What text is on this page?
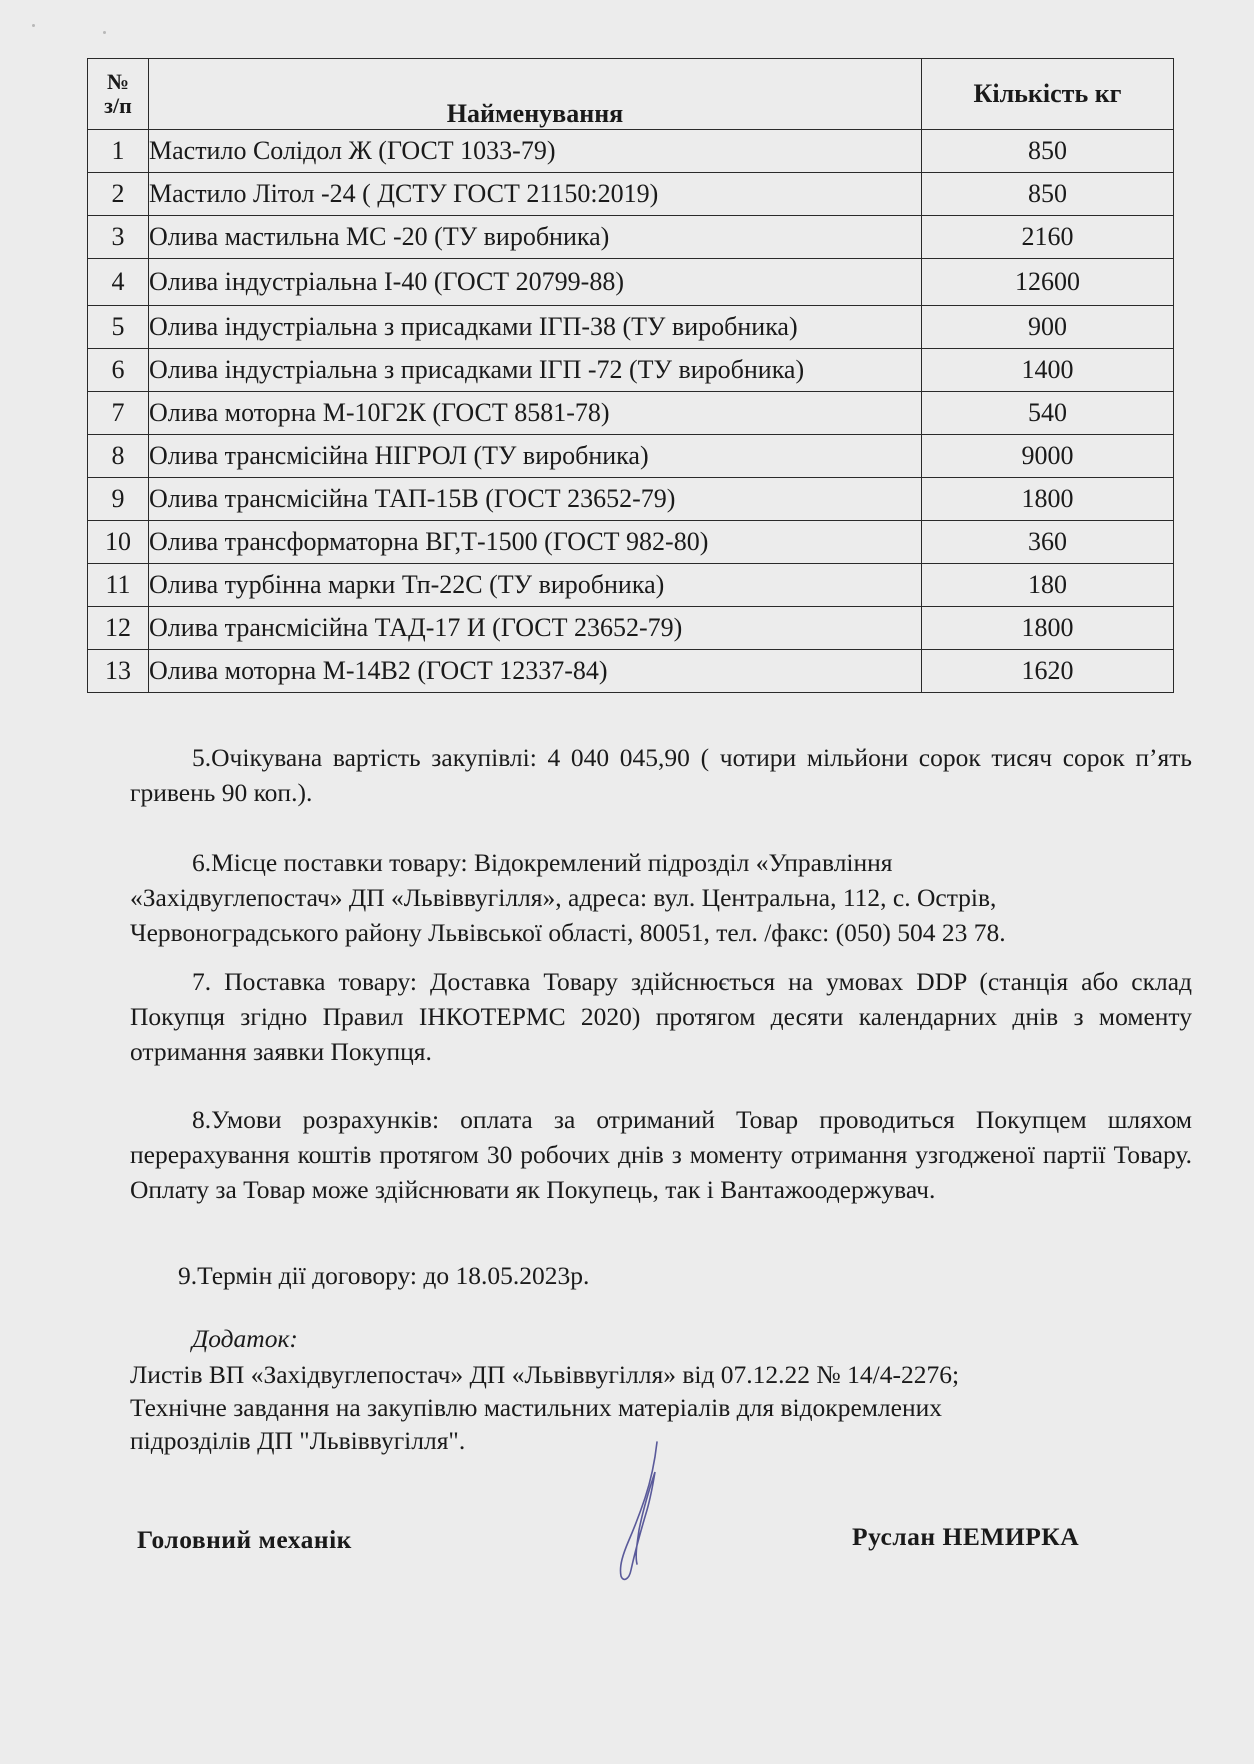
№
з/п	Найменування	Кількість кг
1	Мастило Солідол Ж (ГОСТ 1033-79)	850
2	Мастило Літол -24 ( ДСТУ ГОСТ 21150:2019)	850
3	Олива мастильна МС -20 (ТУ виробника)	2160
4	Олива індустріальна І-40 (ГОСТ 20799-88)	12600
5	Олива індустріальна з присадками ІГП-38 (ТУ виробника)	900
6	Олива індустріальна з присадками ІГП -72 (ТУ виробника)	1400
7	Олива моторна М-10Г2К (ГОСТ 8581-78)	540
8	Олива трансмісійна НІГРОЛ (ТУ виробника)	9000
9	Олива трансмісійна ТАП-15В (ГОСТ 23652-79)	1800
10	Олива трансформаторна ВГ,Т-1500 (ГОСТ 982-80)	360
11	Олива турбінна марки Тп-22С (ТУ виробника)	180
12	Олива трансмісійна ТАД-17 И (ГОСТ 23652-79)	1800
13	Олива моторна М-14В2 (ГОСТ 12337-84)	1620
5.Очікувана вартість закупівлі: 4 040 045,90 ( чотири мільйони сорок тисяч сорок п’ять гривень 90 коп.).
6.Місце поставки товару: Відокремлений підрозділ «Управління
«Західвуглепостач» ДП «Львіввугілля», адреса: вул. Центральна, 112, с. Острів,
Червоноградського району Львівської області, 80051, тел. /факс: (050) 504 23 78.
7. Поставка товару: Доставка Товару здійснюється на умовах DDP (станція або склад Покупця згідно Правил ІНКОТЕРМС 2020) протягом десяти календарних днів з моменту отримання заявки Покупця.
8.Умови розрахунків: оплата за отриманий Товар проводиться Покупцем шляхом перерахування коштів протягом 30 робочих днів з моменту отримання узгодженої партії Товару. Оплату за Товар може здійснювати як Покупець, так і Вантажоодержувач.
9.Термін дії договору: до 18.05.2023р.
Додаток:
Листів ВП «Західвуглепостач» ДП «Львіввугілля» від 07.12.22 № 14/4-2276;
Технічне завдання на закупівлю мастильних матеріалів для відокремлених
підрозділів ДП "Львіввугілля".
Головний механік	Руслан НЕМИРКА
